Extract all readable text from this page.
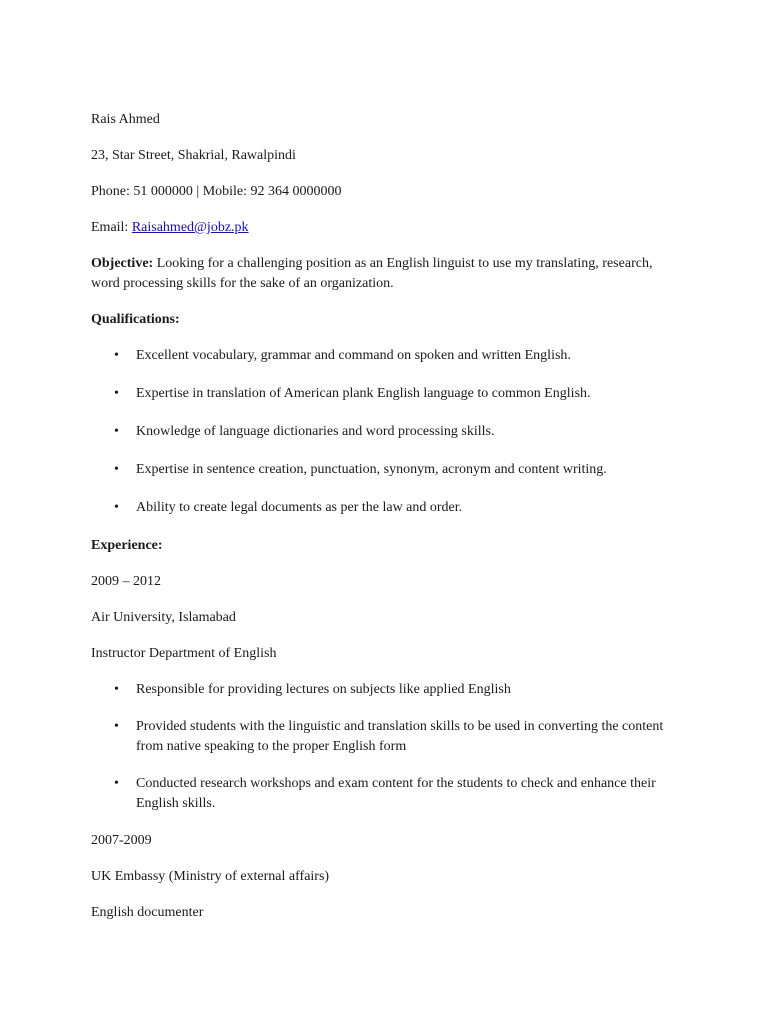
Rais Ahmed

23, Star Street, Shakrial, Rawalpindi

Phone: 51 000000 | Mobile: 92 364 0000000

Email: Raisahmed@jobz.pk

Objective: Looking for a challenging position as an English linguist to use my translating, research, word processing skills for the sake of an organization.

Qualifications:

• Excellent vocabulary, grammar and command on spoken and written English.
• Expertise in translation of American plank English language to common English.
• Knowledge of language dictionaries and word processing skills.
• Expertise in sentence creation, punctuation, synonym, acronym and content writing.
• Ability to create legal documents as per the law and order.

Experience:

2009 – 2012

Air University, Islamabad

Instructor Department of English

• Responsible for providing lectures on subjects like applied English
• Provided students with the linguistic and translation skills to be used in converting the content from native speaking to the proper English form
• Conducted research workshops and exam content for the students to check and enhance their English skills.

2007-2009

UK Embassy (Ministry of external affairs)

English documenter
